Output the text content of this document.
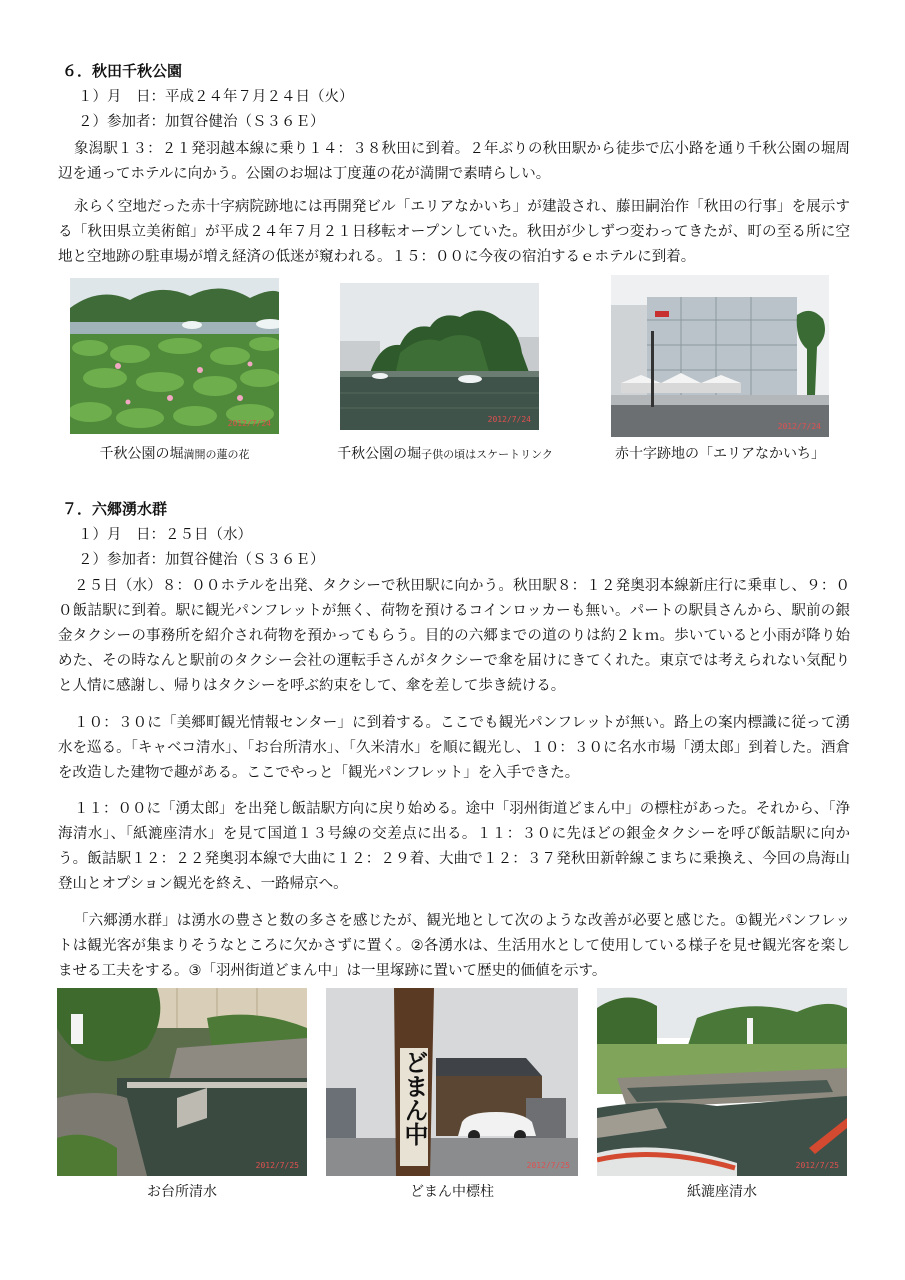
６．秋田千秋公園
１）月　日：平成２４年７月２４日（火）
２）参加者：加賀谷健治（Ｓ３６Ｅ）

象潟駅１３：２１発羽越本線に乗り１４：３８秋田に到着。２年ぶりの秋田駅から徒歩で広小路を通り千秋公園の堀周辺を通ってホテルに向かう。公園のお堀は丁度蓮の花が満開で素晴らしい。

永らく空地だった赤十字病院跡地には再開発ビル「エリアなかいち」が建設され、藤田嗣治作「秋田の行事」を展示する「秋田県立美術館」が平成２４年７月２１日移転オープンしていた。秋田が少しずつ変わってきたが、町の至る所に空地と空地跡の駐車場が増え経済の低迷が窺われる。１５：００に今夜の宿泊するｅホテルに到着。

2012/7/24
千秋公園の堀満開の蓮の花
2012/7/24
千秋公園の堀子供の頃はスケートリンク
2012/7/24
赤十字跡地の「エリアなかいち」
７．六郷湧水群
１）月　日：２５日（水）
２）参加者：加賀谷健治（Ｓ３６Ｅ）

２５日（水）８：００ホテルを出発、タクシーで秋田駅に向かう。秋田駅８：１２発奥羽本線新庄行に乗車し、９：００飯詰駅に到着。駅に観光パンフレットが無く、荷物を預けるコインロッカーも無い。パートの駅員さんから、駅前の銀金タクシーの事務所を紹介され荷物を預かってもらう。目的の六郷までの道のりは約２ｋｍ。歩いていると小雨が降り始めた、その時なんと駅前のタクシー会社の運転手さんがタクシーで傘を届けにきてくれた。東京では考えられない気配りと人情に感謝し、帰りはタクシーを呼ぶ約束をして、傘を差して歩き続ける。

１０：３０に「美郷町観光情報センター」に到着する。ここでも観光パンフレットが無い。路上の案内標識に従って湧水を巡る。「キャベコ清水」、「お台所清水」、「久米清水」を順に観光し、１０：３０に名水市場「湧太郎」到着した。酒倉を改造した建物で趣がある。ここでやっと「観光パンフレット」を入手できた。

１１：００に「湧太郎」を出発し飯詰駅方向に戻り始める。途中「羽州街道どまん中」の標柱があった。それから、「浄海清水」、「紙漉座清水」を見て国道１３号線の交差点に出る。１１：３０に先ほどの銀金タクシーを呼び飯詰駅に向かう。飯詰駅１２：２２発奥羽本線で大曲に１２：２９着、大曲で１２：３７発秋田新幹線こまちに乗換え、今回の鳥海山登山とオプション観光を終え、一路帰京へ。

「六郷湧水群」は湧水の豊さと数の多さを感じたが、観光地として次のような改善が必要と感じた。①観光パンフレットは観光客が集まりそうなところに欠かさずに置く。②各湧水は、生活用水として使用している様子を見せ観光客を楽しませる工夫をする。③「羽州街道どまん中」は一里塚跡に置いて歴史的価値を示す。

2012/7/25
お台所清水
どまん中
2012/7/25
どまん中標柱
2012/7/25
紙漉座清水
